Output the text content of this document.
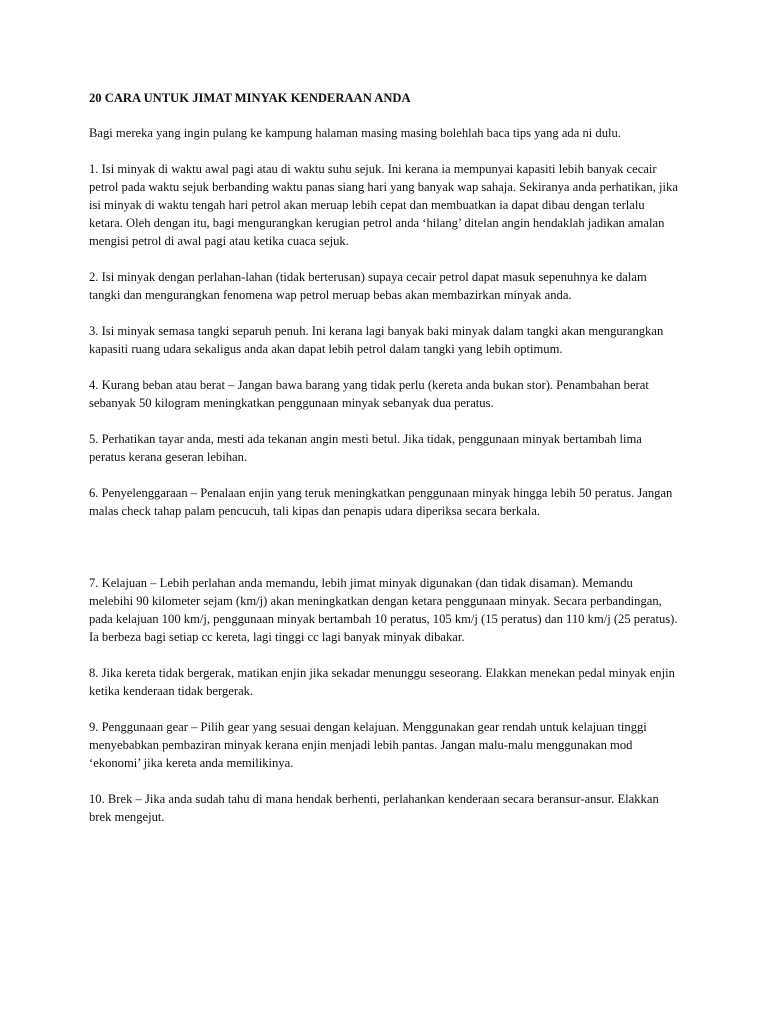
20 CARA UNTUK JIMAT MINYAK KENDERAAN ANDA
Bagi mereka yang ingin pulang ke kampung halaman masing masing bolehlah baca tips yang ada ni dulu.
1. Isi minyak di waktu awal pagi atau di waktu suhu sejuk. Ini kerana ia mempunyai kapasiti lebih banyak cecair petrol pada waktu sejuk berbanding waktu panas siang hari yang banyak wap sahaja. Sekiranya anda perhatikan, jika isi minyak di waktu tengah hari petrol akan meruap lebih cepat dan membuatkan ia dapat dibau dengan terlalu ketara. Oleh dengan itu, bagi mengurangkan kerugian petrol anda ‘hilang’ ditelan angin hendaklah jadikan amalan mengisi petrol di awal pagi atau ketika cuaca sejuk.
2. Isi minyak dengan perlahan-lahan (tidak berterusan) supaya cecair petrol dapat masuk sepenuhnya ke dalam tangki dan mengurangkan fenomena wap petrol meruap bebas akan membazirkan minyak anda.
3. Isi minyak semasa tangki separuh penuh. Ini kerana lagi banyak baki minyak dalam tangki akan mengurangkan kapasiti ruang udara sekaligus anda akan dapat lebih petrol dalam tangki yang lebih optimum.
4. Kurang beban atau berat – Jangan bawa barang yang tidak perlu (kereta anda bukan stor). Penambahan berat sebanyak 50 kilogram meningkatkan penggunaan minyak sebanyak dua peratus.
5. Perhatikan tayar anda, mesti ada tekanan angin mesti betul. Jika tidak, penggunaan minyak bertambah lima peratus kerana geseran lebihan.
6. Penyelenggaraan – Penalaan enjin yang teruk meningkatkan penggunaan minyak hingga lebih 50 peratus. Jangan malas check tahap palam pencucuh, tali kipas dan penapis udara diperiksa secara berkala.
7. Kelajuan – Lebih perlahan anda memandu, lebih jimat minyak digunakan (dan tidak disaman). Memandu melebihi 90 kilometer sejam (km/j) akan meningkatkan dengan ketara penggunaan minyak. Secara perbandingan, pada kelajuan 100 km/j, penggunaan minyak bertambah 10 peratus, 105 km/j (15 peratus) dan 110 km/j (25 peratus). Ia berbeza bagi setiap cc kereta, lagi tinggi cc lagi banyak minyak dibakar.
8. Jika kereta tidak bergerak, matikan enjin jika sekadar menunggu seseorang. Elakkan menekan pedal minyak enjin ketika kenderaan tidak bergerak.
9. Penggunaan gear – Pilih gear yang sesuai dengan kelajuan. Menggunakan gear rendah untuk kelajuan tinggi menyebabkan pembaziran minyak kerana enjin menjadi lebih pantas. Jangan malu-malu menggunakan mod ‘ekonomi’ jika kereta anda memilikinya.
10. Brek – Jika anda sudah tahu di mana hendak berhenti, perlahankan kenderaan secara beransur-ansur. Elakkan brek mengejut.
